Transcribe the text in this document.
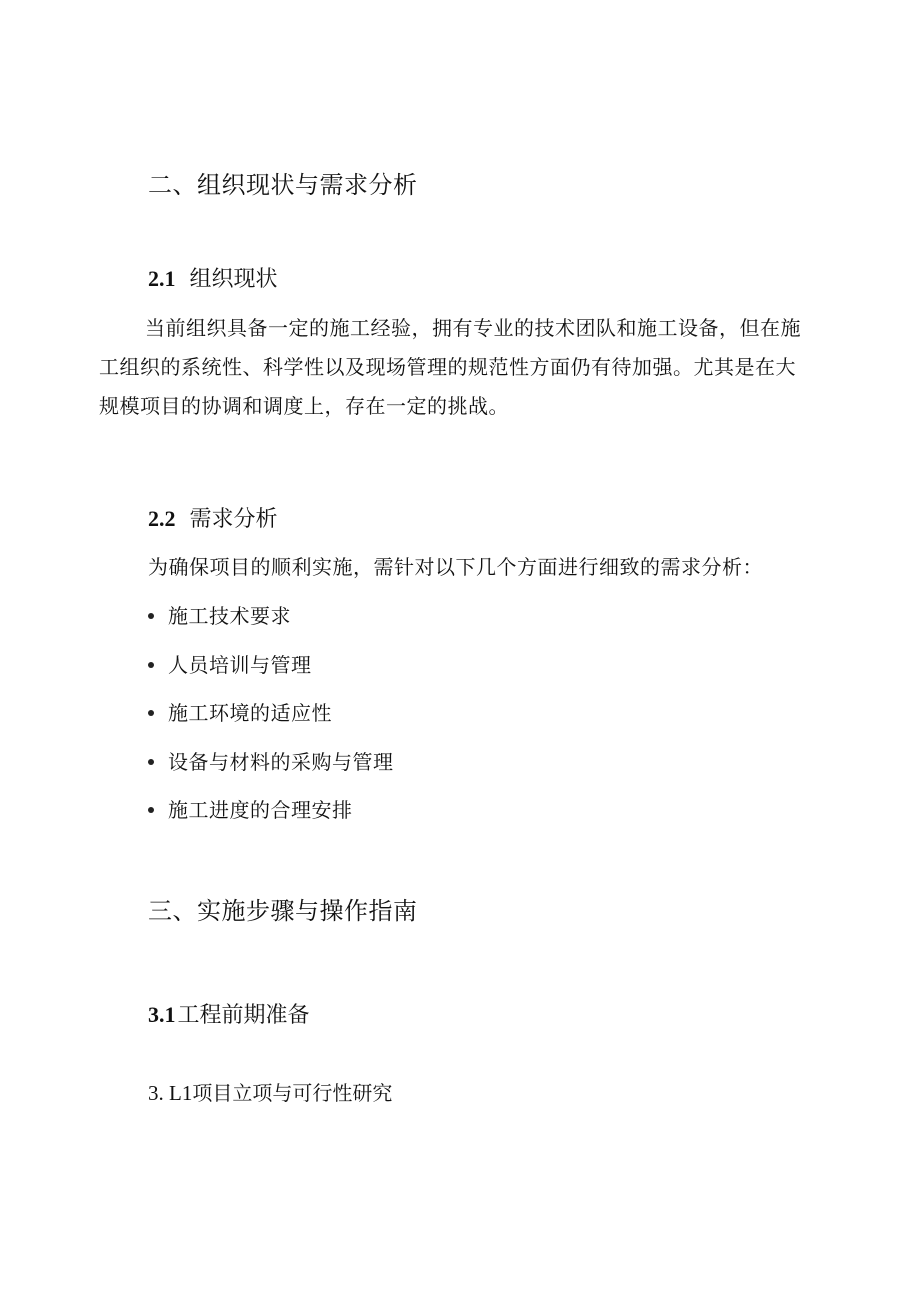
二、组织现状与需求分析
2.1 组织现状

当前组织具备一定的施工经验，拥有专业的技术团队和施工设备，但在施工组织的系统性、科学性以及现场管理的规范性方面仍有待加强。尤其是在大规模项目的协调和调度上，存在一定的挑战。

2.2 需求分析
为确保项目的顺利实施，需针对以下几个方面进行细致的需求分析：
施工技术要求
人员培训与管理
施工环境的适应性
设备与材料的采购与管理
施工进度的合理安排
三、实施步骤与操作指南
3.1工程前期准备
3. L1项目立项与可行性研究
